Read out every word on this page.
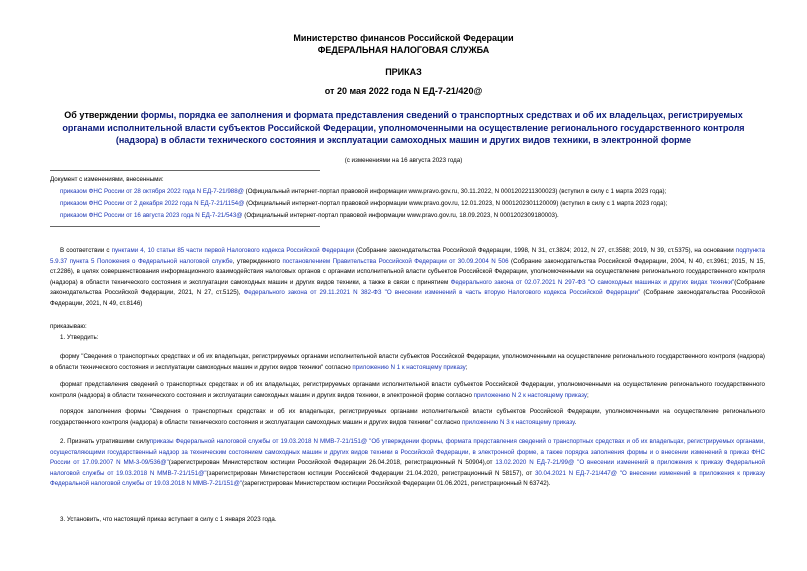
Министерство финансов Российской Федерации
ФЕДЕРАЛЬНАЯ НАЛОГОВАЯ СЛУЖБА
ПРИКАЗ
от 20 мая 2022 года N ЕД-7-21/420@
Об утверждении формы, порядка ее заполнения и формата представления сведений о транспортных средствах и об их владельцах, регистрируемых органами исполнительной власти субъектов Российской Федерации, уполномоченными на осуществление регионального государственного контроля (надзора) в области технического состояния и эксплуатации самоходных машин и других видов техники, в электронной форме
(с изменениями на 16 августа 2023 года)
Документ с изменениями, внесенными:
приказом ФНС России от 28 октября 2022 года N ЕД-7-21/988@ (Официальный интернет-портал правовой информации www.pravo.gov.ru, 30.11.2022, N 0001202211300023) (вступил в силу с 1 марта 2023 года);
приказом ФНС России от 2 декабря 2022 года N ЕД-7-21/1154@ (Официальный интернет-портал правовой информации www.pravo.gov.ru, 12.01.2023, N 0001202301120009) (вступил в силу с 1 марта 2023 года);
приказом ФНС России от 16 августа 2023 года N ЕД-7-21/543@ (Официальный интернет-портал правовой информации www.pravo.gov.ru, 18.09.2023, N 0001202309180003).
В соответствии с пунктами 4, 10 статьи 85 части первой Налогового кодекса Российской Федерации (Собрание законодательства Российской Федерации, 1998, N 31, ст.3824; 2012, N 27, ст.3588; 2019, N 39, ст.5375), на основании подпункта 5.9.37 пункта 5 Положения о Федеральной налоговой службе, утвержденного постановлением Правительства Российской Федерации от 30.09.2004 N 506 (Собрание законодательства Российской Федерации, 2004, N 40, ст.3961; 2015, N 15, ст.2286), в целях совершенствования информационного взаимодействия налоговых органов с органами исполнительной власти субъектов Российской Федерации, уполномоченными на осуществление регионального государственного контроля (надзора) в области технического состояния и эксплуатации самоходных машин и других видов техники, а также в связи с принятием Федерального закона от 02.07.2021 N 297-ФЗ "О самоходных машинах и других видах техники"(Собрание законодательства Российской Федерации, 2021, N 27, ст.5125), Федерального закона от 29.11.2021 N 382-ФЗ "О внесении изменений в часть вторую Налогового кодекса Российской Федерации" (Собрание законодательства Российской Федерации, 2021, N 49, ст.8146)
приказываю:
1. Утвердить:
форму "Сведения о транспортных средствах и об их владельцах, регистрируемых органами исполнительной власти субъектов Российской Федерации, уполномоченными на осуществление регионального государственного контроля (надзора) в области технического состояния и эксплуатации самоходных машин и других видов техники" согласно приложению N 1 к настоящему приказу;
формат представления сведений о транспортных средствах и об их владельцах, регистрируемых органами исполнительной власти субъектов Российской Федерации, уполномоченными на осуществление регионального государственного контроля (надзора) в области технического состояния и эксплуатации самоходных машин и других видов техники, в электронной форме согласно приложению N 2 к настоящему приказу;
порядок заполнения формы "Сведения о транспортных средствах и об их владельцах, регистрируемых органами исполнительной власти субъектов Российской Федерации, уполномоченными на осуществление регионального государственного контроля (надзора) в области технического состояния и эксплуатации самоходных машин и других видов техники" согласно приложению N 3 к настоящему приказу.
2. Признать утратившими силуприказы Федеральной налоговой службы от 19.03.2018 N ММВ-7-21/151@ "Об утверждении формы, формата представления сведений о транспортных средствах и об их владельцах, регистрируемых органами, осуществляющими государственный надзор за техническим состоянием самоходных машин и других видов техники в Российской Федерации, в электронной форме, а также порядка заполнения формы и о внесении изменений в приказ ФНС России от 17.09.2007 N ММ-3-09/536@"(зарегистрирован Министерством юстиции Российской Федерации 26.04.2018, регистрационный N 50904),от 13.02.2020 N ЕД-7-21/99@ "О внесении изменений в приложения к приказу Федеральной налоговой службы от 19.03.2018 N ММВ-7-21/151@"(зарегистрирован Министерством юстиции Российской Федерации 21.04.2020, регистрационный N 58157), от 30.04.2021 N ЕД-7-21/447@ "О внесении изменений в приложения к приказу Федеральной налоговой службы от 19.03.2018 N ММВ-7-21/151@"(зарегистрирован Министерством юстиции Российской Федерации 01.06.2021, регистрационный N 63742).
3. Установить, что настоящий приказ вступает в силу с 1 января 2023 года.
